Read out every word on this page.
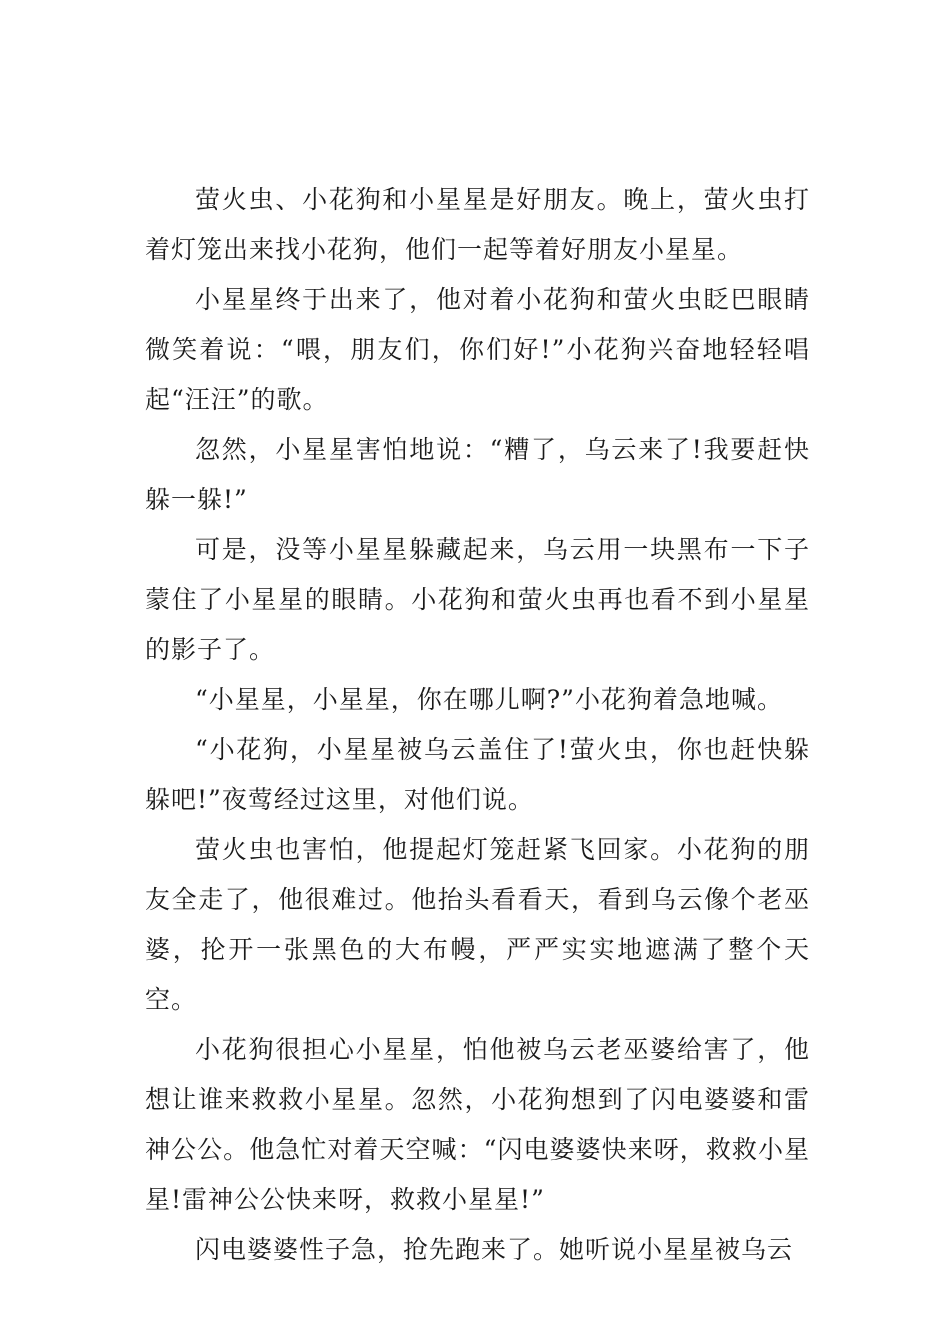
萤火虫、小花狗和小星星是好朋友。晚上，萤火虫打着灯笼出来找小花狗，他们一起等着好朋友小星星。

小星星终于出来了，他对着小花狗和萤火虫眨巴眼睛微笑着说：“喂，朋友们，你们好!”小花狗兴奋地轻轻唱起“汪汪”的歌。

忽然，小星星害怕地说：“糟了，乌云来了!我要赶快躲一躲!”

可是，没等小星星躲藏起来，乌云用一块黑布一下子蒙住了小星星的眼睛。小花狗和萤火虫再也看不到小星星的影子了。

“小星星，小星星，你在哪儿啊?”小花狗着急地喊。

“小花狗，小星星被乌云盖住了!萤火虫，你也赶快躲躲吧!”夜莺经过这里，对他们说。

萤火虫也害怕，他提起灯笼赶紧飞回家。小花狗的朋友全走了，他很难过。他抬头看看天，看到乌云像个老巫婆，抡开一张黑色的大布幔，严严实实地遮满了整个天空。

小花狗很担心小星星，怕他被乌云老巫婆给害了，他想让谁来救救小星星。忽然，小花狗想到了闪电婆婆和雷神公公。他急忙对着天空喊：“闪电婆婆快来呀，救救小星星!雷神公公快来呀，救救小星星!”

闪电婆婆性子急，抢先跑来了。她听说小星星被乌云
